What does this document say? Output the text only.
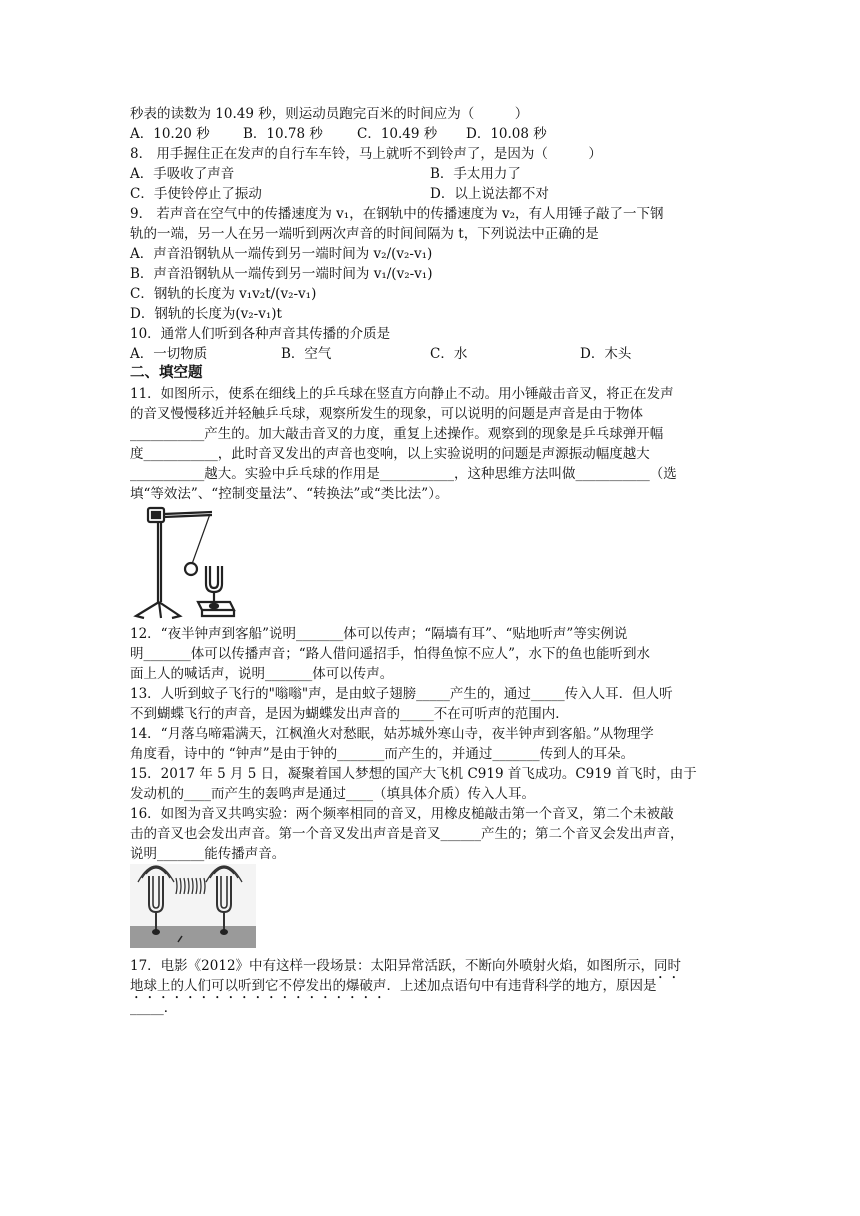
秒表的读数为 10.49 秒，则运动员跑完百米的时间应为（　　　）
A．10.20 秒 B．10.78 秒	C．10.49 秒 D．10.08 秒
8． 用手握住正在发声的自行车车铃，马上就听不到铃声了，是因为（　　　）
A．手吸收了声音	B．手太用力了
C．手使铃停止了振动	D．以上说法都不对
9． 若声音在空气中的传播速度为 v₁，在钢轨中的传播速度为 v₂，有人用锤子敲了一下钢
轨的一端，另一人在另一端听到两次声音的时间间隔为 t，下列说法中正确的是
A．声音沿钢轨从一端传到另一端时间为 v₂/(v₂-v₁)
B．声音沿钢轨从一端传到另一端时间为 v₁/(v₂-v₁)
C．钢轨的长度为 v₁v₂t/(v₂-v₁)
D．钢轨的长度为(v₂-v₁)t
10．通常人们听到各种声音其传播的介质是
A．一切物质	B．空气	C．水	D．木头
二、填空题
11．如图所示，使系在细线上的乒乓球在竖直方向静止不动。用小锤敲击音叉，将正在发声
的音叉慢慢移近并轻触乒乓球，观察所发生的现象，可以说明的问题是声音是由于物体
___________产生的。加大敲击音叉的力度，重复上述操作。观察到的现象是乒乓球弹开幅
度___________，此时音叉发出的声音也变响，以上实验说明的问题是声源振动幅度越大
___________越大。实验中乒乓球的作用是___________，这种思维方法叫做___________（选
填“等效法”、“控制变量法”、“转换法”或“类比法”）。
12．“夜半钟声到客船”说明_______体可以传声；“隔墙有耳”、“贴地听声”等实例说
明_______体可以传播声音；“路人借问遥招手，怕得鱼惊不应人”，水下的鱼也能听到水
面上人的喊话声，说明_______体可以传声。
13．人听到蚊子飞行的"嗡嗡"声，是由蚊子翅膀_____产生的，通过_____传入人耳．但人听
不到蝴蝶飞行的声音，是因为蝴蝶发出声音的_____不在可听声的范围内．
14．“月落乌啼霜满天，江枫渔火对愁眠，姑苏城外寒山寺，夜半钟声到客船。”从物理学
角度看，诗中的 “钟声”是由于钟的_______而产生的，并通过_______传到人的耳朵。
15．2017 年 5 月 5 日，凝聚着国人梦想的国产大飞机 C919 首飞成功。C919 首飞时，由于
发动机的____而产生的轰鸣声是通过____（填具体介质）传入人耳。
16．如图为音叉共鸣实验：两个频率相同的音叉，用橡皮槌敲击第一个音叉，第二个未被敲
击的音叉也会发出声音。第一个音叉发出声音是音叉______产生的；第二个音叉会发出声音，
说明_______能传播声音。
17．电影《2012》中有这样一段场景：太阳异常活跃，不断向外喷射火焰，如图所示，同时
地球上的人们可以听到它不停发出的爆破声．上述加点语句中有违背科学的地方，原因是
_____．
